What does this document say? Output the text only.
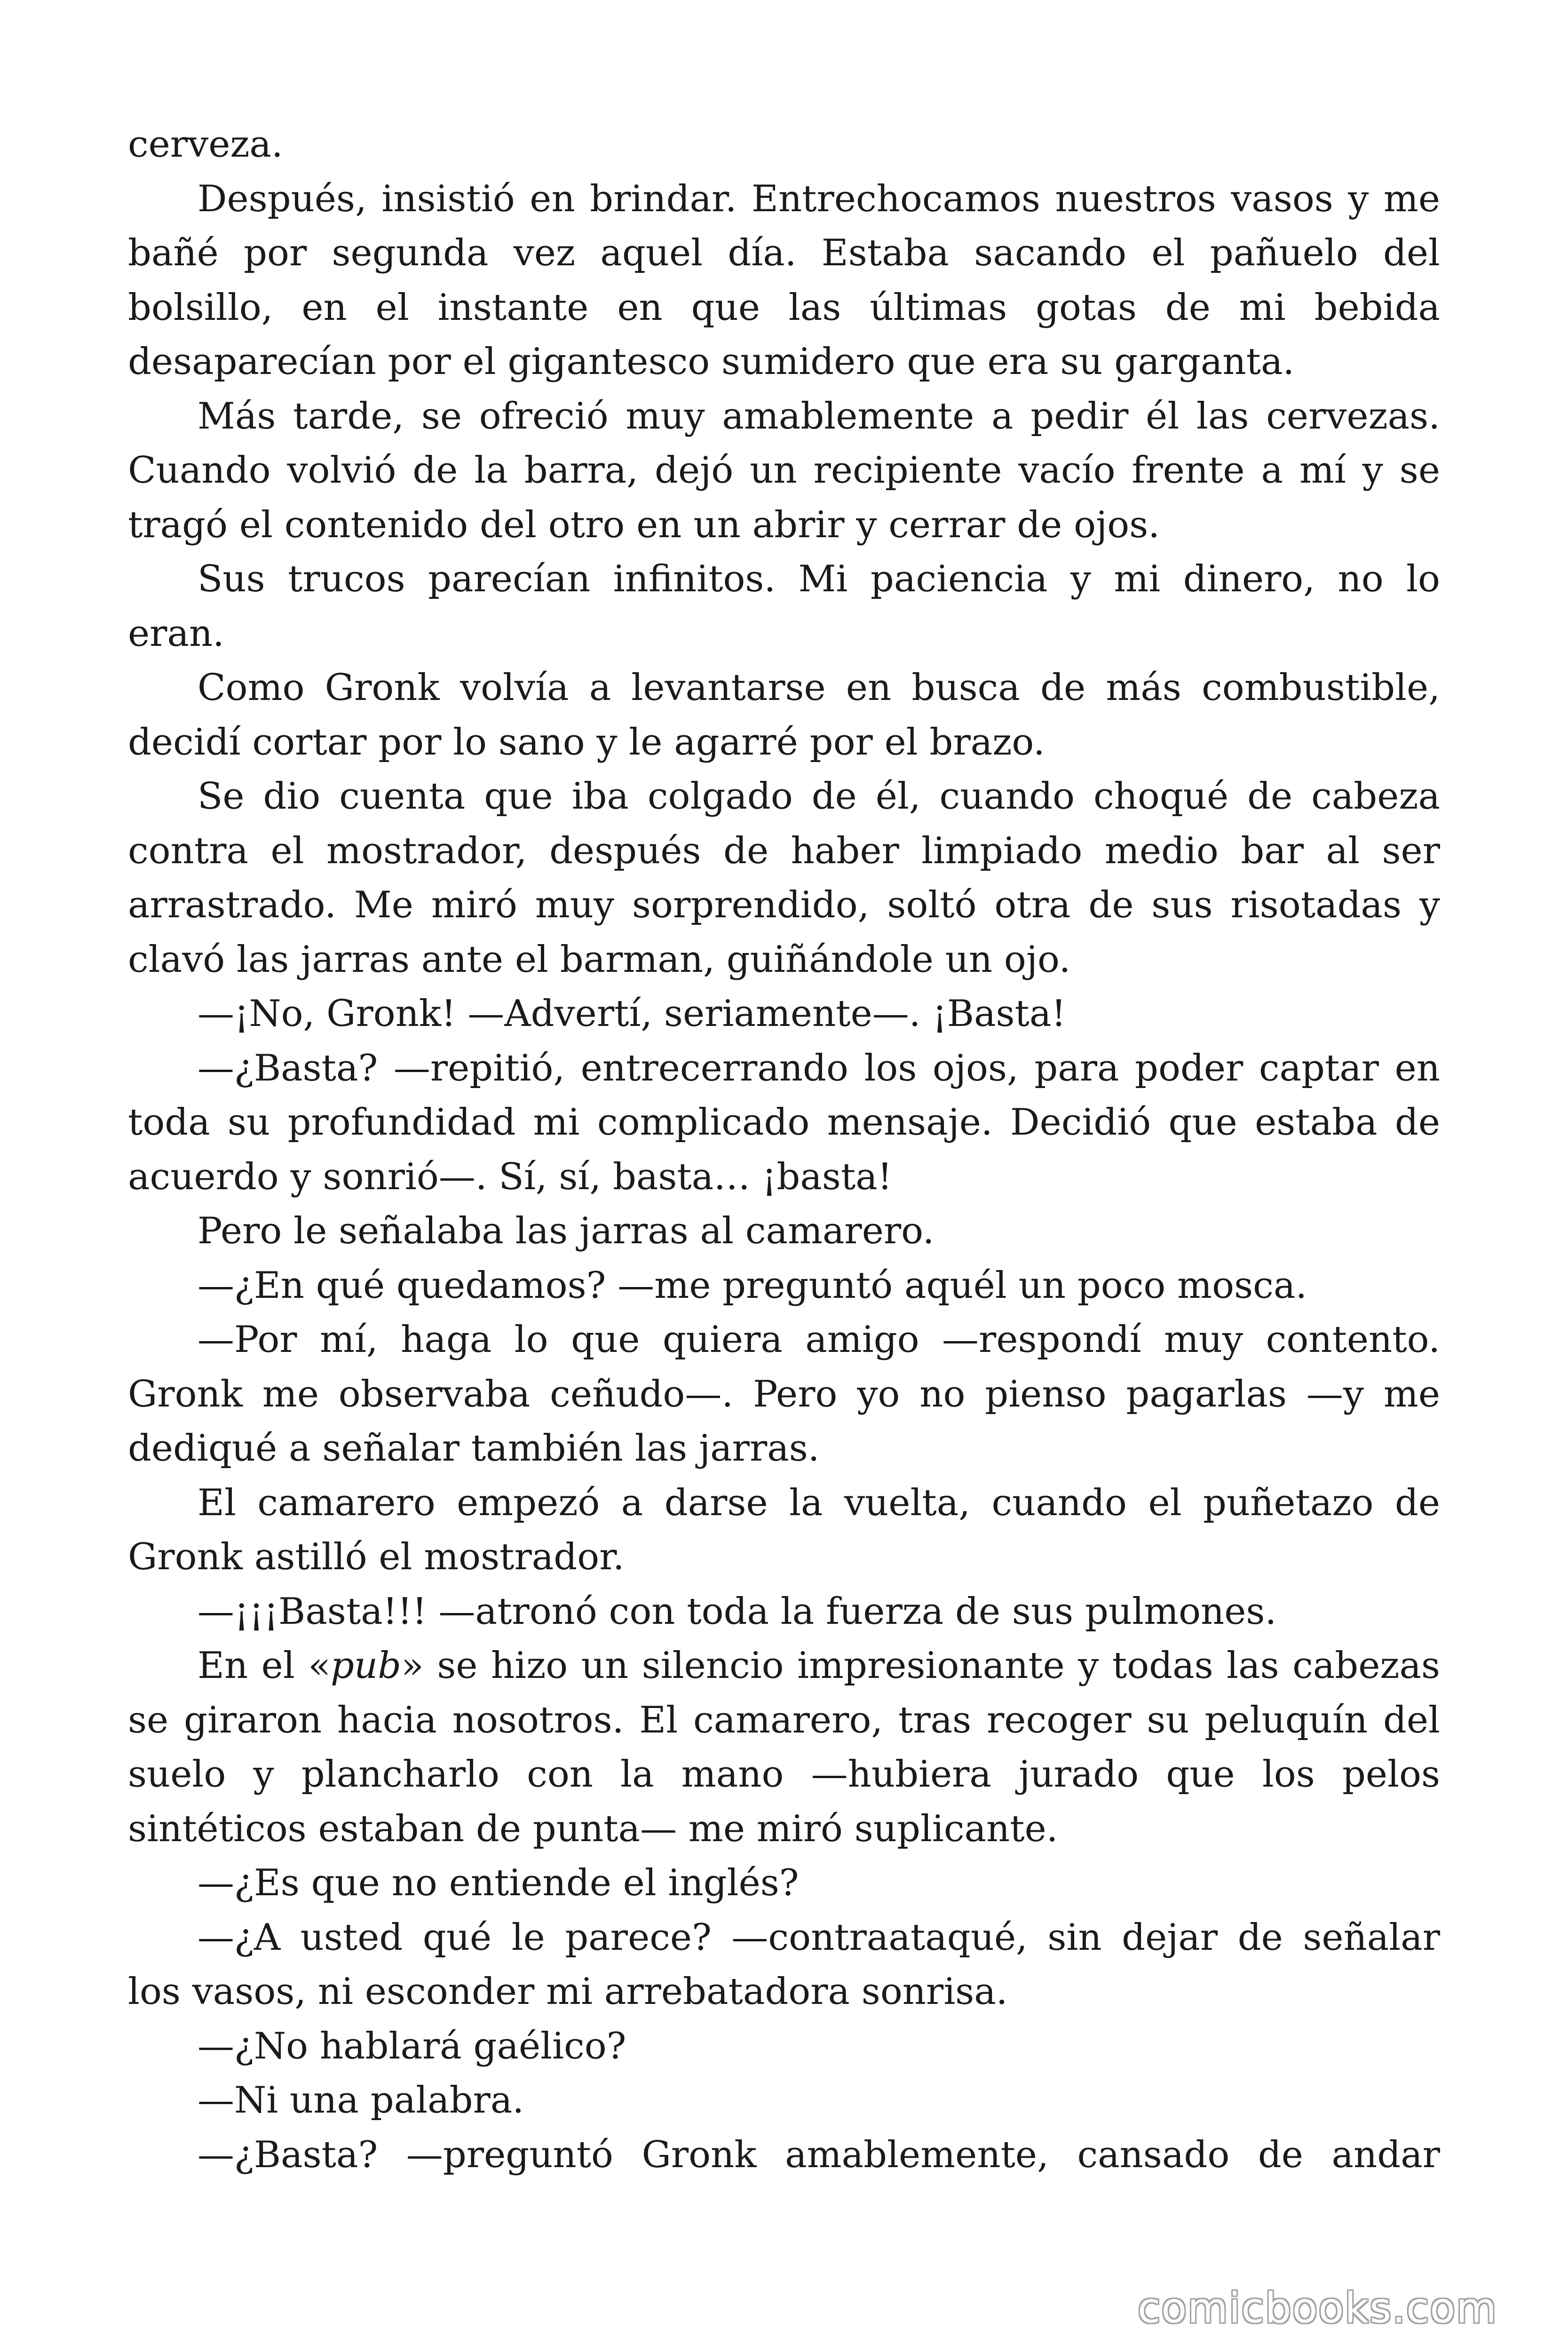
cerveza.
Después, insistió en brindar. Entrechocamos nuestros vasos y me
bañé por segunda vez aquel día. Estaba sacando el pañuelo del
bolsillo, en el instante en que las últimas gotas de mi bebida
desaparecían por el gigantesco sumidero que era su garganta.
Más tarde, se ofreció muy amablemente a pedir él las cervezas.
Cuando volvió de la barra, dejó un recipiente vacío frente a mí y se
tragó el contenido del otro en un abrir y cerrar de ojos.
Sus trucos parecían infinitos. Mi paciencia y mi dinero, no lo
eran.
Como Gronk volvía a levantarse en busca de más combustible,
decidí cortar por lo sano y le agarré por el brazo.
Se dio cuenta que iba colgado de él, cuando choqué de cabeza
contra el mostrador, después de haber limpiado medio bar al ser
arrastrado. Me miró muy sorprendido, soltó otra de sus risotadas y
clavó las jarras ante el barman, guiñándole un ojo.
—¡No, Gronk! —Advertí, seriamente—. ¡Basta!
—¿Basta? —repitió, entrecerrando los ojos, para poder captar en
toda su profundidad mi complicado mensaje. Decidió que estaba de
acuerdo y sonrió—. Sí, sí, basta… ¡basta!
Pero le señalaba las jarras al camarero.
—¿En qué quedamos? —me preguntó aquél un poco mosca.
—Por mí, haga lo que quiera amigo —respondí muy contento.
Gronk me observaba ceñudo—. Pero yo no pienso pagarlas —y me
dediqué a señalar también las jarras.
El camarero empezó a darse la vuelta, cuando el puñetazo de
Gronk astilló el mostrador.
—¡¡¡Basta!!! —atronó con toda la fuerza de sus pulmones.
En el «pub» se hizo un silencio impresionante y todas las cabezas
se giraron hacia nosotros. El camarero, tras recoger su peluquín del
suelo y plancharlo con la mano —hubiera jurado que los pelos
sintéticos estaban de punta— me miró suplicante.
—¿Es que no entiende el inglés?
—¿A usted qué le parece? —contraataqué, sin dejar de señalar
los vasos, ni esconder mi arrebatadora sonrisa.
—¿No hablará gaélico?
—Ni una palabra.
—¿Basta? —preguntó Gronk amablemente, cansado de andar
comicbooks.com
